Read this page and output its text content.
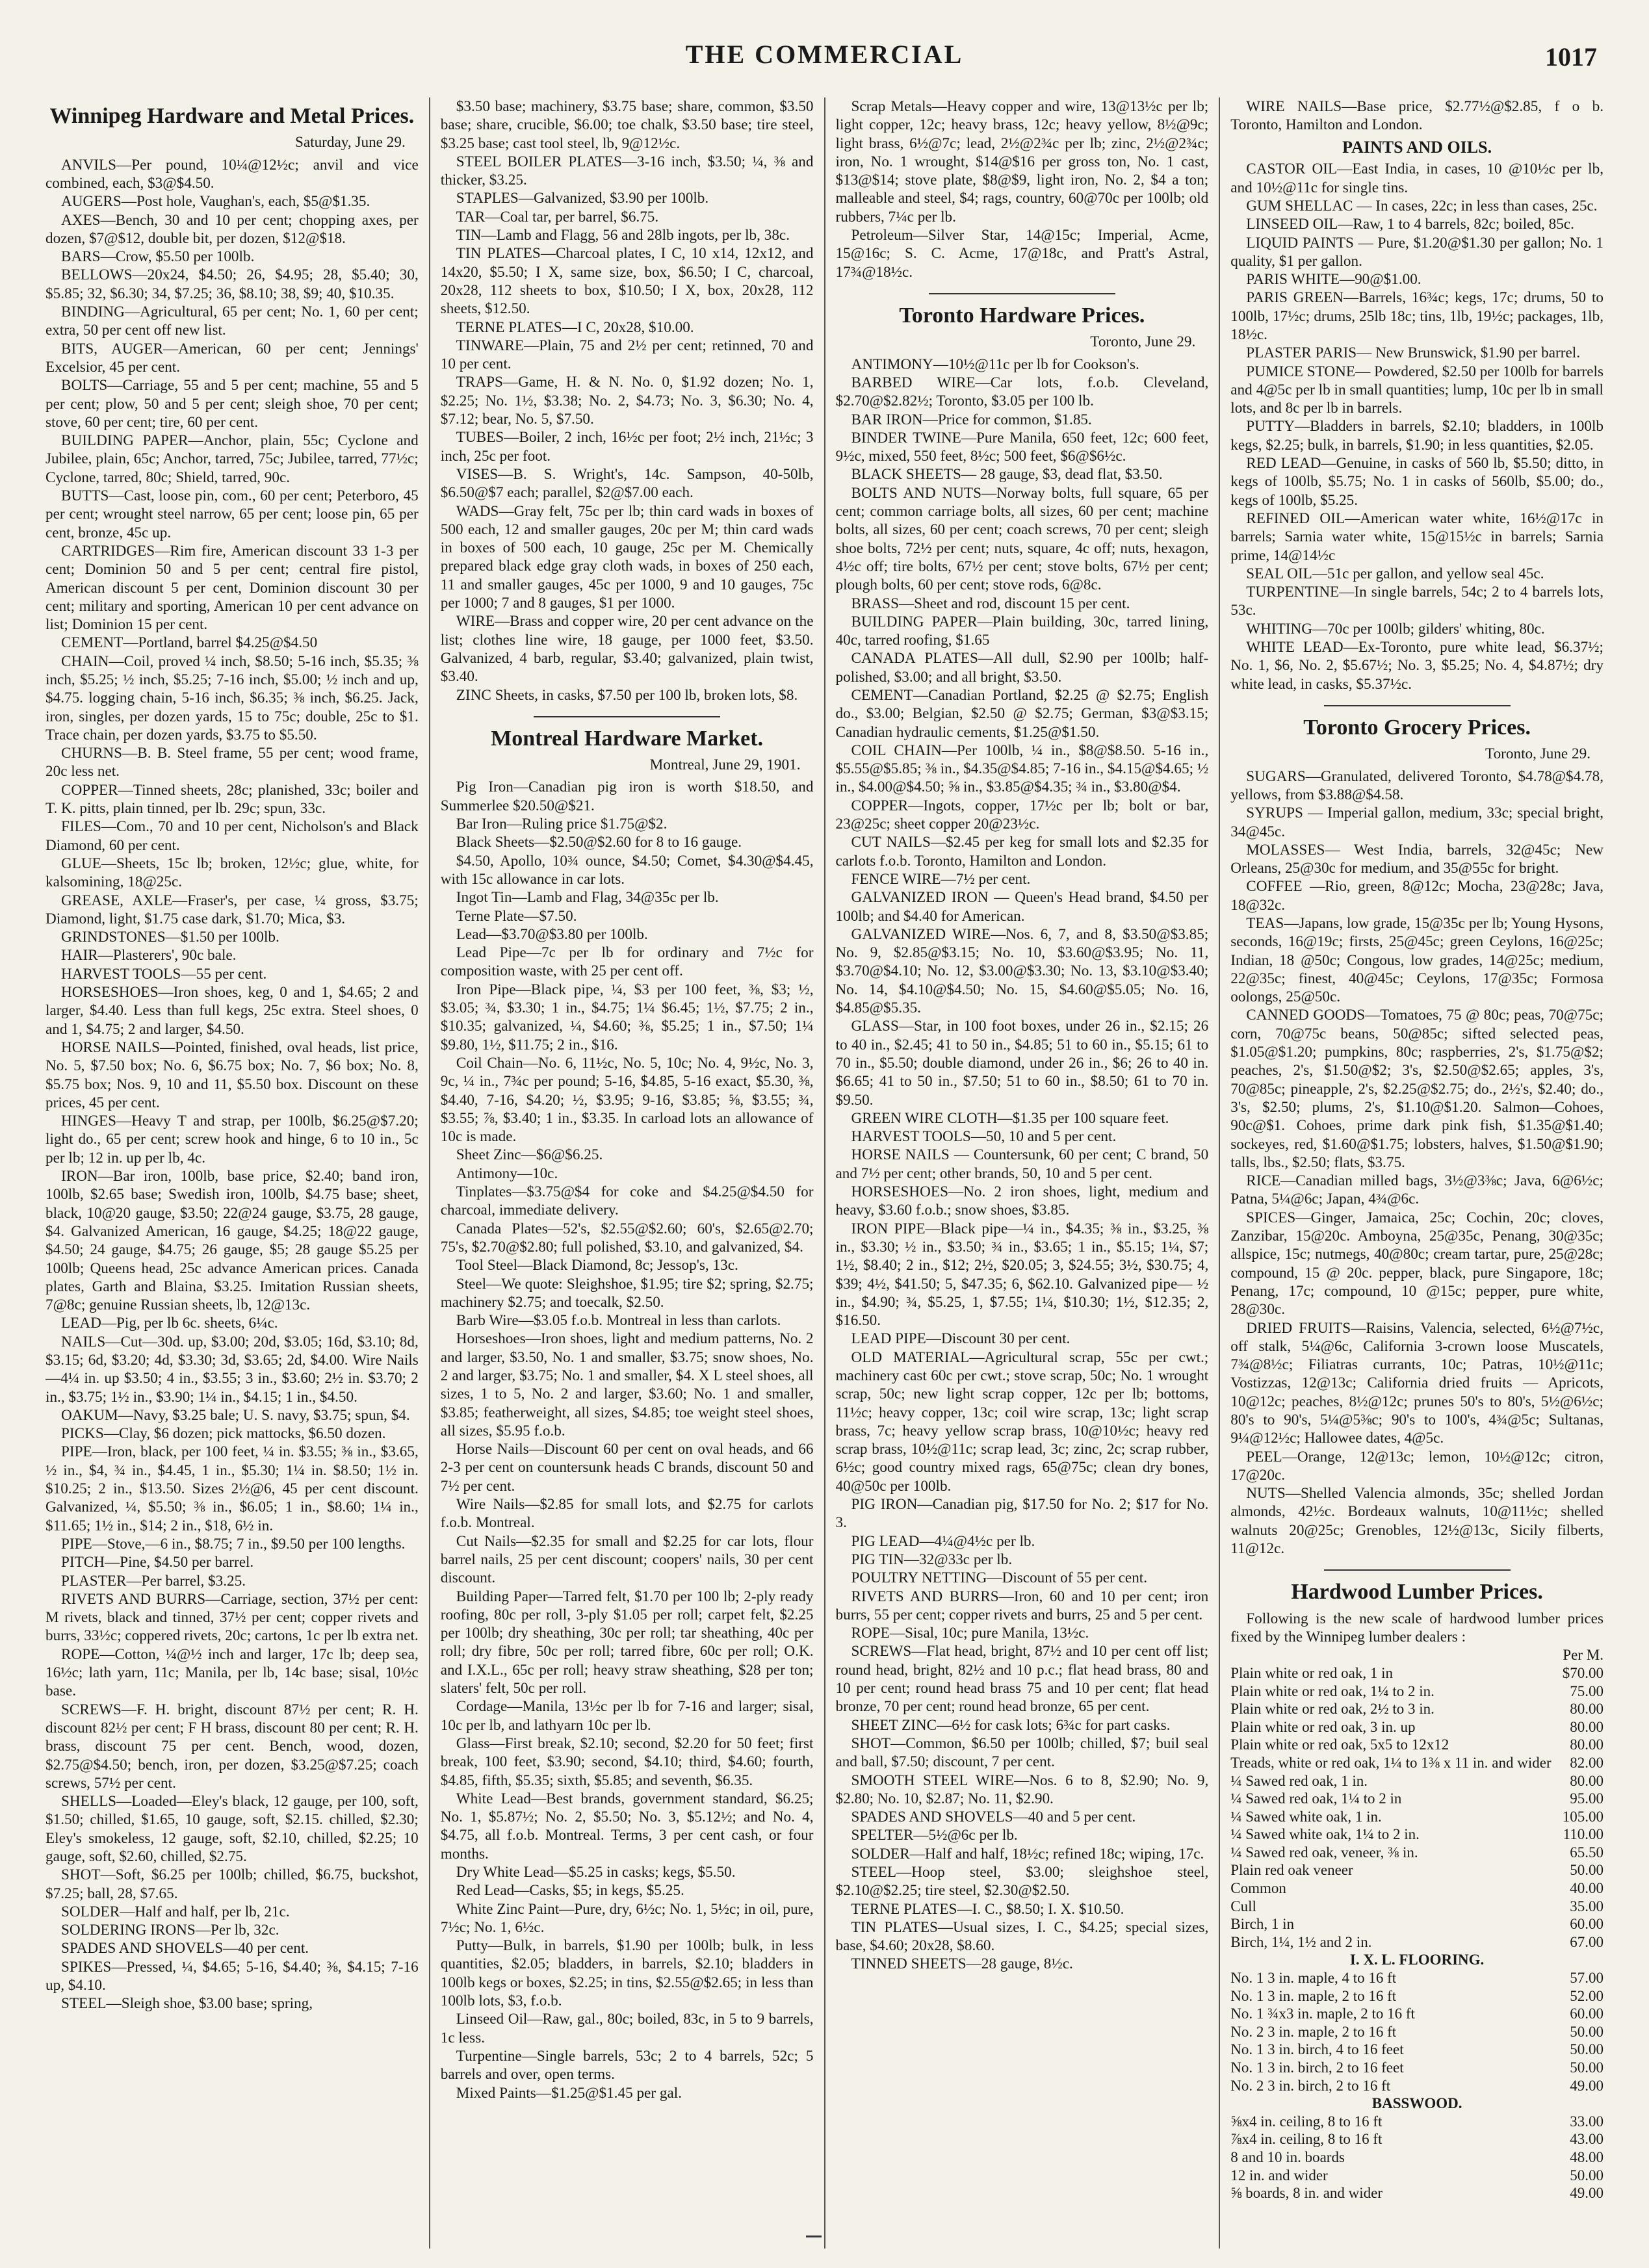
THE COMMERCIAL	1017
Winnipeg Hardware and Metal Prices.

Saturday, June 29.

ANVILS—Per pound, 10¼@12½c; anvil and vice combined, each, $3@$4.50.

AUGERS—Post hole, Vaughan's, each, $5@$1.35.

AXES—Bench, 30 and 10 per cent; chopping axes, per dozen, $7@$12, double bit, per dozen, $12@$18.

BARS—Crow, $5.50 per 100lb.

BELLOWS—20x24, $4.50; 26, $4.95; 28, $5.40; 30, $5.85; 32, $6.30; 34, $7.25; 36, $8.10; 38, $9; 40, $10.35.

BINDING—Agricultural, 65 per cent; No. 1, 60 per cent; extra, 50 per cent off new list.

BITS, AUGER—American, 60 per cent; Jennings' Excelsior, 45 per cent.

BOLTS—Carriage, 55 and 5 per cent; machine, 55 and 5 per cent; plow, 50 and 5 per cent; sleigh shoe, 70 per cent; stove, 60 per cent; tire, 60 per cent.

BUILDING PAPER—Anchor, plain, 55c; Cyclone and Jubilee, plain, 65c; Anchor, tarred, 75c; Jubilee, tarred, 77½c; Cyclone, tarred, 80c; Shield, tarred, 90c.

BUTTS—Cast, loose pin, com., 60 per cent; Peterboro, 45 per cent; wrought steel narrow, 65 per cent; loose pin, 65 per cent, bronze, 45c up.

CARTRIDGES—Rim fire, American discount 33 1-3 per cent; Dominion 50 and 5 per cent; central fire pistol, American discount 5 per cent, Dominion discount 30 per cent; military and sporting, American 10 per cent advance on list; Dominion 15 per cent.

CEMENT—Portland, barrel $4.25@$4.50

CHAIN—Coil, proved ¼ inch, $8.50; 5-16 inch, $5.35; ⅜ inch, $5.25; ½ inch, $5.25; 7-16 inch, $5.00; ½ inch and up, $4.75. logging chain, 5-16 inch, $6.35; ⅜ inch, $6.25. Jack, iron, singles, per dozen yards, 15 to 75c; double, 25c to $1. Trace chain, per dozen yards, $3.75 to $5.50.

CHURNS—B. B. Steel frame, 55 per cent; wood frame, 20c less net.

COPPER—Tinned sheets, 28c; planished, 33c; boiler and T. K. pitts, plain tinned, per lb. 29c; spun, 33c.

FILES—Com., 70 and 10 per cent, Nicholson's and Black Diamond, 60 per cent.

GLUE—Sheets, 15c lb; broken, 12½c; glue, white, for kalsomining, 18@25c.

GREASE, AXLE—Fraser's, per case, ¼ gross, $3.75; Diamond, light, $1.75 case dark, $1.70; Mica, $3.

GRINDSTONES—$1.50 per 100lb.

HAIR—Plasterers', 90c bale.

HARVEST TOOLS—55 per cent.

HORSESHOES—Iron shoes, keg, 0 and 1, $4.65; 2 and larger, $4.40. Less than full kegs, 25c extra. Steel shoes, 0 and 1, $4.75; 2 and larger, $4.50.

HORSE NAILS—Pointed, finished, oval heads, list price, No. 5, $7.50 box; No. 6, $6.75 box; No. 7, $6 box; No. 8, $5.75 box; Nos. 9, 10 and 11, $5.50 box. Discount on these prices, 45 per cent.

HINGES—Heavy T and strap, per 100lb, $6.25@$7.20; light do., 65 per cent; screw hook and hinge, 6 to 10 in., 5c per lb; 12 in. up per lb, 4c.

IRON—Bar iron, 100lb, base price, $2.40; band iron, 100lb, $2.65 base; Swedish iron, 100lb, $4.75 base; sheet, black, 10@20 gauge, $3.50; 22@24 gauge, $3.75, 28 gauge, $4. Galvanized American, 16 gauge, $4.25; 18@22 gauge, $4.50; 24 gauge, $4.75; 26 gauge, $5; 28 gauge $5.25 per 100lb; Queens head, 25c advance American prices. Canada plates, Garth and Blaina, $3.25. Imitation Russian sheets, 7@8c; genuine Russian sheets, lb, 12@13c.

LEAD—Pig, per lb 6c. sheets, 6¼c.

NAILS—Cut—30d. up, $3.00; 20d, $3.05; 16d, $3.10; 8d, $3.15; 6d, $3.20; 4d, $3.30; 3d, $3.65; 2d, $4.00. Wire Nails—4¼ in. up $3.50; 4 in., $3.55; 3 in., $3.60; 2½ in. $3.70; 2 in., $3.75; 1½ in., $3.90; 1¼ in., $4.15; 1 in., $4.50.

OAKUM—Navy, $3.25 bale; U. S. navy, $3.75; spun, $4.

PICKS—Clay, $6 dozen; pick mattocks, $6.50 dozen.

PIPE—Iron, black, per 100 feet, ¼ in. $3.55; ⅜ in., $3.65, ½ in., $4, ¾ in., $4.45, 1 in., $5.30; 1¼ in. $8.50; 1½ in. $10.25; 2 in., $13.50. Sizes 2½@6, 45 per cent discount. Galvanized, ¼, $5.50; ⅜ in., $6.05; 1 in., $8.60; 1¼ in., $11.65; 1½ in., $14; 2 in., $18, 6½ in.

PIPE—Stove,—6 in., $8.75; 7 in., $9.50 per 100 lengths.

PITCH—Pine, $4.50 per barrel.

PLASTER—Per barrel, $3.25.

RIVETS AND BURRS—Carriage, section, 37½ per cent: M rivets, black and tinned, 37½ per cent; copper rivets and burrs, 33½c; coppered rivets, 20c; cartons, 1c per lb extra net.

ROPE—Cotton, ¼@½ inch and larger, 17c lb; deep sea, 16½c; lath yarn, 11c; Manila, per lb, 14c base; sisal, 10½c base.

SCREWS—F. H. bright, discount 87½ per cent; R. H. discount 82½ per cent; F H brass, discount 80 per cent; R. H. brass, discount 75 per cent. Bench, wood, dozen, $2.75@$4.50; bench, iron, per dozen, $3.25@$7.25; coach screws, 57½ per cent.

SHELLS—Loaded—Eley's black, 12 gauge, per 100, soft, $1.50; chilled, $1.65, 10 gauge, soft, $2.15. chilled, $2.30; Eley's smokeless, 12 gauge, soft, $2.10, chilled, $2.25; 10 gauge, soft, $2.60, chilled, $2.75.

SHOT—Soft, $6.25 per 100lb; chilled, $6.75, buckshot, $7.25; ball, 28, $7.65.

SOLDER—Half and half, per lb, 21c.

SOLDERING IRONS—Per lb, 32c.

SPADES AND SHOVELS—40 per cent.

SPIKES—Pressed, ¼, $4.65; 5-16, $4.40; ⅜, $4.15; 7-16 up, $4.10.

STEEL—Sleigh shoe, $3.00 base; spring,

$3.50 base; machinery, $3.75 base; share, common, $3.50 base; share, crucible, $6.00; toe chalk, $3.50 base; tire steel, $3.25 base; cast tool steel, lb, 9@12½c.

STEEL BOILER PLATES—3-16 inch, $3.50; ¼, ⅜ and thicker, $3.25.

STAPLES—Galvanized, $3.90 per 100lb.

TAR—Coal tar, per barrel, $6.75.

TIN—Lamb and Flagg, 56 and 28lb ingots, per lb, 38c.

TIN PLATES—Charcoal plates, I C, 10 x14, 12x12, and 14x20, $5.50; I X, same size, box, $6.50; I C, charcoal, 20x28, 112 sheets to box, $10.50; I X, box, 20x28, 112 sheets, $12.50.

TERNE PLATES—I C, 20x28, $10.00.

TINWARE—Plain, 75 and 2½ per cent; retinned, 70 and 10 per cent.

TRAPS—Game, H. & N. No. 0, $1.92 dozen; No. 1, $2.25; No. 1½, $3.38; No. 2, $4.73; No. 3, $6.30; No. 4, $7.12; bear, No. 5, $7.50.

TUBES—Boiler, 2 inch, 16½c per foot; 2½ inch, 21½c; 3 inch, 25c per foot.

VISES—B. S. Wright's, 14c. Sampson, 40-50lb, $6.50@$7 each; parallel, $2@$7.00 each.

WADS—Gray felt, 75c per lb; thin card wads in boxes of 500 each, 12 and smaller gauges, 20c per M; thin card wads in boxes of 500 each, 10 gauge, 25c per M. Chemically prepared black edge gray cloth wads, in boxes of 250 each, 11 and smaller gauges, 45c per 1000, 9 and 10 gauges, 75c per 1000; 7 and 8 gauges, $1 per 1000.

WIRE—Brass and copper wire, 20 per cent advance on the list; clothes line wire, 18 gauge, per 1000 feet, $3.50. Galvanized, 4 barb, regular, $3.40; galvanized, plain twist, $3.40.

ZINC Sheets, in casks, $7.50 per 100 lb, broken lots, $8.

Montreal Hardware Market.

Montreal, June 29, 1901.

Pig Iron—Canadian pig iron is worth $18.50, and Summerlee $20.50@$21.

Bar Iron—Ruling price $1.75@$2.

Black Sheets—$2.50@$2.60 for 8 to 16 gauge.

$4.50, Apollo, 10¾ ounce, $4.50; Comet, $4.30@$4.45, with 15c allowance in car lots.

Ingot Tin—Lamb and Flag, 34@35c per lb.

Terne Plate—$7.50.

Lead—$3.70@$3.80 per 100lb.

Lead Pipe—7c per lb for ordinary and 7½c for composition waste, with 25 per cent off.

Iron Pipe—Black pipe, ¼, $3 per 100 feet, ⅜, $3; ½, $3.05; ¾, $3.30; 1 in., $4.75; 1¼ $6.45; 1½, $7.75; 2 in., $10.35; galvanized, ¼, $4.60; ⅜, $5.25; 1 in., $7.50; 1¼ $9.80, 1½, $11.75; 2 in., $16.

Coil Chain—No. 6, 11½c, No. 5, 10c; No. 4, 9½c, No. 3, 9c, ¼ in., 7¾c per pound; 5-16, $4.85, 5-16 exact, $5.30, ⅜, $4.40, 7-16, $4.20; ½, $3.95; 9-16, $3.85; ⅝, $3.55; ¾, $3.55; ⅞, $3.40; 1 in., $3.35. In carload lots an allowance of 10c is made.

Sheet Zinc—$6@$6.25.

Antimony—10c.

Tinplates—$3.75@$4 for coke and $4.25@$4.50 for charcoal, immediate delivery.

Canada Plates—52's, $2.55@$2.60; 60's, $2.65@2.70; 75's, $2.70@$2.80; full polished, $3.10, and galvanized, $4.

Tool Steel—Black Diamond, 8c; Jessop's, 13c.

Steel—We quote: Sleighshoe, $1.95; tire $2; spring, $2.75; machinery $2.75; and toecalk, $2.50.

Barb Wire—$3.05 f.o.b. Montreal in less than carlots.

Horseshoes—Iron shoes, light and medium patterns, No. 2 and larger, $3.50, No. 1 and smaller, $3.75; snow shoes, No. 2 and larger, $3.75; No. 1 and smaller, $4. X L steel shoes, all sizes, 1 to 5, No. 2 and larger, $3.60; No. 1 and smaller, $3.85; featherweight, all sizes, $4.85; toe weight steel shoes, all sizes, $5.95 f.o.b.

Horse Nails—Discount 60 per cent on oval heads, and 66 2-3 per cent on countersunk heads C brands, discount 50 and 7½ per cent.

Wire Nails—$2.85 for small lots, and $2.75 for carlots f.o.b. Montreal.

Cut Nails—$2.35 for small and $2.25 for car lots, flour barrel nails, 25 per cent discount; coopers' nails, 30 per cent discount.

Building Paper—Tarred felt, $1.70 per 100 lb; 2-ply ready roofing, 80c per roll, 3-ply $1.05 per roll; carpet felt, $2.25 per 100lb; dry sheathing, 30c per roll; tar sheathing, 40c per roll; dry fibre, 50c per roll; tarred fibre, 60c per roll; O.K. and I.X.L., 65c per roll; heavy straw sheathing, $28 per ton; slaters' felt, 50c per roll.

Cordage—Manila, 13½c per lb for 7-16 and larger; sisal, 10c per lb, and lathyarn 10c per lb.

Glass—First break, $2.10; second, $2.20 for 50 feet; first break, 100 feet, $3.90; second, $4.10; third, $4.60; fourth, $4.85, fifth, $5.35; sixth, $5.85; and seventh, $6.35.

White Lead—Best brands, government standard, $6.25; No. 1, $5.87½; No. 2, $5.50; No. 3, $5.12½; and No. 4, $4.75, all f.o.b. Montreal. Terms, 3 per cent cash, or four months.

Dry White Lead—$5.25 in casks; kegs, $5.50.

Red Lead—Casks, $5; in kegs, $5.25.

White Zinc Paint—Pure, dry, 6½c; No. 1, 5½c; in oil, pure, 7½c; No. 1, 6½c.

Putty—Bulk, in barrels, $1.90 per 100lb; bulk, in less quantities, $2.05; bladders, in barrels, $2.10; bladders in 100lb kegs or boxes, $2.25; in tins, $2.55@$2.65; in less than 100lb lots, $3, f.o.b.

Linseed Oil—Raw, gal., 80c; boiled, 83c, in 5 to 9 barrels, 1c less.

Turpentine—Single barrels, 53c; 2 to 4 barrels, 52c; 5 barrels and over, open terms.

Mixed Paints—$1.25@$1.45 per gal.

Scrap Metals—Heavy copper and wire, 13@13½c per lb; light copper, 12c; heavy brass, 12c; heavy yellow, 8½@9c; light brass, 6½@7c; lead, 2½@2¾c per lb; zinc, 2½@2¾c; iron, No. 1 wrought, $14@$16 per gross ton, No. 1 cast, $13@$14; stove plate, $8@$9, light iron, No. 2, $4 a ton; malleable and steel, $4; rags, country, 60@70c per 100lb; old rubbers, 7¼c per lb.

Petroleum—Silver Star, 14@15c; Imperial, Acme, 15@16c; S. C. Acme, 17@18c, and Pratt's Astral, 17¾@18½c.

Toronto Hardware Prices.

Toronto, June 29.

ANTIMONY—10½@11c per lb for Cookson's.

BARBED WIRE—Car lots, f.o.b. Cleveland, $2.70@$2.82½; Toronto, $3.05 per 100 lb.

BAR IRON—Price for common, $1.85.

BINDER TWINE—Pure Manila, 650 feet, 12c; 600 feet, 9½c, mixed, 550 feet, 8½c; 500 feet, $6@$6½c.

BLACK SHEETS— 28 gauge, $3, dead flat, $3.50.

BOLTS AND NUTS—Norway bolts, full square, 65 per cent; common carriage bolts, all sizes, 60 per cent; machine bolts, all sizes, 60 per cent; coach screws, 70 per cent; sleigh shoe bolts, 72½ per cent; nuts, square, 4c off; nuts, hexagon, 4½c off; tire bolts, 67½ per cent; stove bolts, 67½ per cent; plough bolts, 60 per cent; stove rods, 6@8c.

BRASS—Sheet and rod, discount 15 per cent.

BUILDING PAPER—Plain building, 30c, tarred lining, 40c, tarred roofing, $1.65

CANADA PLATES—All dull, $2.90 per 100lb; half-polished, $3.00; and all bright, $3.50.

CEMENT—Canadian Portland, $2.25 @ $2.75; English do., $3.00; Belgian, $2.50 @ $2.75; German, $3@$3.15; Canadian hydraulic cements, $1.25@$1.50.

COIL CHAIN—Per 100lb, ¼ in., $8@$8.50. 5-16 in., $5.55@$5.85; ⅜ in., $4.35@$4.85; 7-16 in., $4.15@$4.65; ½ in., $4.00@$4.50; ⅝ in., $3.85@$4.35; ¾ in., $3.80@$4.

COPPER—Ingots, copper, 17½c per lb; bolt or bar, 23@25c; sheet copper 20@23½c.

CUT NAILS—$2.45 per keg for small lots and $2.35 for carlots f.o.b. Toronto, Hamilton and London.

FENCE WIRE—7½ per cent.

GALVANIZED IRON — Queen's Head brand, $4.50 per 100lb; and $4.40 for American.

GALVANIZED WIRE—Nos. 6, 7, and 8, $3.50@$3.85; No. 9, $2.85@$3.15; No. 10, $3.60@$3.95; No. 11, $3.70@$4.10; No. 12, $3.00@$3.30; No. 13, $3.10@$3.40; No. 14, $4.10@$4.50; No. 15, $4.60@$5.05; No. 16, $4.85@$5.35.

GLASS—Star, in 100 foot boxes, under 26 in., $2.15; 26 to 40 in., $2.45; 41 to 50 in., $4.85; 51 to 60 in., $5.15; 61 to 70 in., $5.50; double diamond, under 26 in., $6; 26 to 40 in. $6.65; 41 to 50 in., $7.50; 51 to 60 in., $8.50; 61 to 70 in. $9.50.

GREEN WIRE CLOTH—$1.35 per 100 square feet.

HARVEST TOOLS—50, 10 and 5 per cent.

HORSE NAILS — Countersunk, 60 per cent; C brand, 50 and 7½ per cent; other brands, 50, 10 and 5 per cent.

HORSESHOES—No. 2 iron shoes, light, medium and heavy, $3.60 f.o.b.; snow shoes, $3.85.

IRON PIPE—Black pipe—¼ in., $4.35; ⅜ in., $3.25, ⅜ in., $3.30; ½ in., $3.50; ¾ in., $3.65; 1 in., $5.15; 1¼, $7; 1½, $8.40; 2 in., $12; 2½, $20.05; 3, $24.55; 3½, $30.75; 4, $39; 4½, $41.50; 5, $47.35; 6, $62.10. Galvanized pipe— ½ in., $4.90; ¾, $5.25, 1, $7.55; 1¼, $10.30; 1½, $12.35; 2, $16.50.

LEAD PIPE—Discount 30 per cent.

OLD MATERIAL—Agricultural scrap, 55c per cwt.; machinery cast 60c per cwt.; stove scrap, 50c; No. 1 wrought scrap, 50c; new light scrap copper, 12c per lb; bottoms, 11½c; heavy copper, 13c; coil wire scrap, 13c; light scrap brass, 7c; heavy yellow scrap brass, 10@10½c; heavy red scrap brass, 10½@11c; scrap lead, 3c; zinc, 2c; scrap rubber, 6½c; good country mixed rags, 65@75c; clean dry bones, 40@50c per 100lb.

PIG IRON—Canadian pig, $17.50 for No. 2; $17 for No. 3.

PIG LEAD—4¼@4½c per lb.

PIG TIN—32@33c per lb.

POULTRY NETTING—Discount of 55 per cent.

RIVETS AND BURRS—Iron, 60 and 10 per cent; iron burrs, 55 per cent; copper rivets and burrs, 25 and 5 per cent.

ROPE—Sisal, 10c; pure Manila, 13½c.

SCREWS—Flat head, bright, 87½ and 10 per cent off list; round head, bright, 82½ and 10 p.c.; flat head brass, 80 and 10 per cent; round head brass 75 and 10 per cent; flat head bronze, 70 per cent; round head bronze, 65 per cent.

SHEET ZINC—6½ for cask lots; 6¾c for part casks.

SHOT—Common, $6.50 per 100lb; chilled, $7; buil seal and ball, $7.50; discount, 7 per cent.

SMOOTH STEEL WIRE—Nos. 6 to 8, $2.90; No. 9, $2.80; No. 10, $2.87; No. 11, $2.90.

SPADES AND SHOVELS—40 and 5 per cent.

SPELTER—5½@6c per lb.

SOLDER—Half and half, 18½c; refined 18c; wiping, 17c.

STEEL—Hoop steel, $3.00; sleighshoe steel, $2.10@$2.25; tire steel, $2.30@$2.50.

TERNE PLATES—I. C., $8.50; I. X. $10.50.

TIN PLATES—Usual sizes, I. C., $4.25; special sizes, base, $4.60; 20x28, $8.60.

TINNED SHEETS—28 gauge, 8½c.

WIRE NAILS—Base price, $2.77½@$2.85, f o b. Toronto, Hamilton and London.

PAINTS AND OILS.

CASTOR OIL—East India, in cases, 10 @10½c per lb, and 10½@11c for single tins.

GUM SHELLAC — In cases, 22c; in less than cases, 25c.

LINSEED OIL—Raw, 1 to 4 barrels, 82c; boiled, 85c.

LIQUID PAINTS — Pure, $1.20@$1.30 per gallon; No. 1 quality, $1 per gallon.

PARIS WHITE—90@$1.00.

PARIS GREEN—Barrels, 16¾c; kegs, 17c; drums, 50 to 100lb, 17½c; drums, 25lb 18c; tins, 1lb, 19½c; packages, 1lb, 18½c.

PLASTER PARIS— New Brunswick, $1.90 per barrel.

PUMICE STONE— Powdered, $2.50 per 100lb for barrels and 4@5c per lb in small quantities; lump, 10c per lb in small lots, and 8c per lb in barrels.

PUTTY—Bladders in barrels, $2.10; bladders, in 100lb kegs, $2.25; bulk, in barrels, $1.90; in less quantities, $2.05.

RED LEAD—Genuine, in casks of 560 lb, $5.50; ditto, in kegs of 100lb, $5.75; No. 1 in casks of 560lb, $5.00; do., kegs of 100lb, $5.25.

REFINED OIL—American water white, 16½@17c in barrels; Sarnia water white, 15@15½c in barrels; Sarnia prime, 14@14½c

SEAL OIL—51c per gallon, and yellow seal 45c.

TURPENTINE—In single barrels, 54c; 2 to 4 barrels lots, 53c.

WHITING—70c per 100lb; gilders' whiting, 80c.

WHITE LEAD—Ex-Toronto, pure white lead, $6.37½; No. 1, $6, No. 2, $5.67½; No. 3, $5.25; No. 4, $4.87½; dry white lead, in casks, $5.37½c.

Toronto Grocery Prices.

Toronto, June 29.

SUGARS—Granulated, delivered Toronto, $4.78@$4.78, yellows, from $3.88@$4.58.

SYRUPS — Imperial gallon, medium, 33c; special bright, 34@45c.

MOLASSES— West India, barrels, 32@45c; New Orleans, 25@30c for medium, and 35@55c for bright.

COFFEE —Rio, green, 8@12c; Mocha, 23@28c; Java, 18@32c.

TEAS—Japans, low grade, 15@35c per lb; Young Hysons, seconds, 16@19c; firsts, 25@45c; green Ceylons, 16@25c; Indian, 18 @50c; Congous, low grades, 14@25c; medium, 22@35c; finest, 40@45c; Ceylons, 17@35c; Formosa oolongs, 25@50c.

CANNED GOODS—Tomatoes, 75 @ 80c; peas, 70@75c; corn, 70@75c beans, 50@85c; sifted selected peas, $1.05@$1.20; pumpkins, 80c; raspberries, 2's, $1.75@$2; peaches, 2's, $1.50@$2; 3's, $2.50@$2.65; apples, 3's, 70@85c; pineapple, 2's, $2.25@$2.75; do., 2½'s, $2.40; do., 3's, $2.50; plums, 2's, $1.10@$1.20. Salmon—Cohoes, 90c@$1. Cohoes, prime dark pink fish, $1.35@$1.40; sockeyes, red, $1.60@$1.75; lobsters, halves, $1.50@$1.90; talls, lbs., $2.50; flats, $3.75.

RICE—Canadian milled bags, 3½@3⅜c; Java, 6@6½c; Patna, 5¼@6c; Japan, 4¾@6c.

SPICES—Ginger, Jamaica, 25c; Cochin, 20c; cloves, Zanzibar, 15@20c. Amboyna, 25@35c, Penang, 30@35c; allspice, 15c; nutmegs, 40@80c; cream tartar, pure, 25@28c; compound, 15 @ 20c. pepper, black, pure Singapore, 18c; Penang, 17c; compound, 10 @15c; pepper, pure white, 28@30c.

DRIED FRUITS—Raisins, Valencia, selected, 6½@7½c, off stalk, 5¼@6c, California 3-crown loose Muscatels, 7¾@8½c; Filiatras currants, 10c; Patras, 10½@11c; Vostizzas, 12@13c; California dried fruits — Apricots, 10@12c; peaches, 8½@12c; prunes 50's to 80's, 5½@6½c; 80's to 90's, 5¼@5⅜c; 90's to 100's, 4¾@5c; Sultanas, 9¼@12½c; Hallowee dates, 4@5c.

PEEL—Orange, 12@13c; lemon, 10½@12c; citron, 17@20c.

NUTS—Shelled Valencia almonds, 35c; shelled Jordan almonds, 42½c. Bordeaux walnuts, 10@11½c; shelled walnuts 20@25c; Grenobles, 12½@13c, Sicily filberts, 11@12c.

Hardwood Lumber Prices.

Following is the new scale of hardwood lumber prices fixed by the Winnipeg lumber dealers :

	Per M.
Plain white or red oak, 1 in	$70.00
Plain white or red oak, 1¼ to 2 in.	75.00
Plain white or red oak, 2½ to 3 in.	80.00
Plain white or red oak, 3 in. up	80.00
Plain white or red oak, 5x5 to 12x12	80.00
Treads, white or red oak, 1¼ to 1⅜ x 11 in. and wider	82.00
¼ Sawed red oak, 1 in.	80.00
¼ Sawed red oak, 1¼ to 2 in	95.00
¼ Sawed white oak, 1 in.	105.00
¼ Sawed white oak, 1¼ to 2 in.	110.00
¼ Sawed red oak, veneer, ⅜ in.	65.50
Plain red oak veneer	50.00
Common	40.00
Cull	35.00
Birch, 1 in	60.00
Birch, 1¼, 1½ and 2 in.	67.00
I. X. L. FLOORING.	
No. 1 3 in. maple, 4 to 16 ft	57.00
No. 1 3 in. maple, 2 to 16 ft	52.00
No. 1 ¾x3 in. maple, 2 to 16 ft	60.00
No. 2 3 in. maple, 2 to 16 ft	50.00
No. 1 3 in. birch, 4 to 16 feet	50.00
No. 1 3 in. birch, 2 to 16 feet	50.00
No. 2 3 in. birch, 2 to 16 ft	49.00
BASSWOOD.	
⅝x4 in. ceiling, 8 to 16 ft	33.00
⅞x4 in. ceiling, 8 to 16 ft	43.00
8 and 10 in. boards	48.00
12 in. and wider	50.00
⅝ boards, 8 in. and wider	49.00
